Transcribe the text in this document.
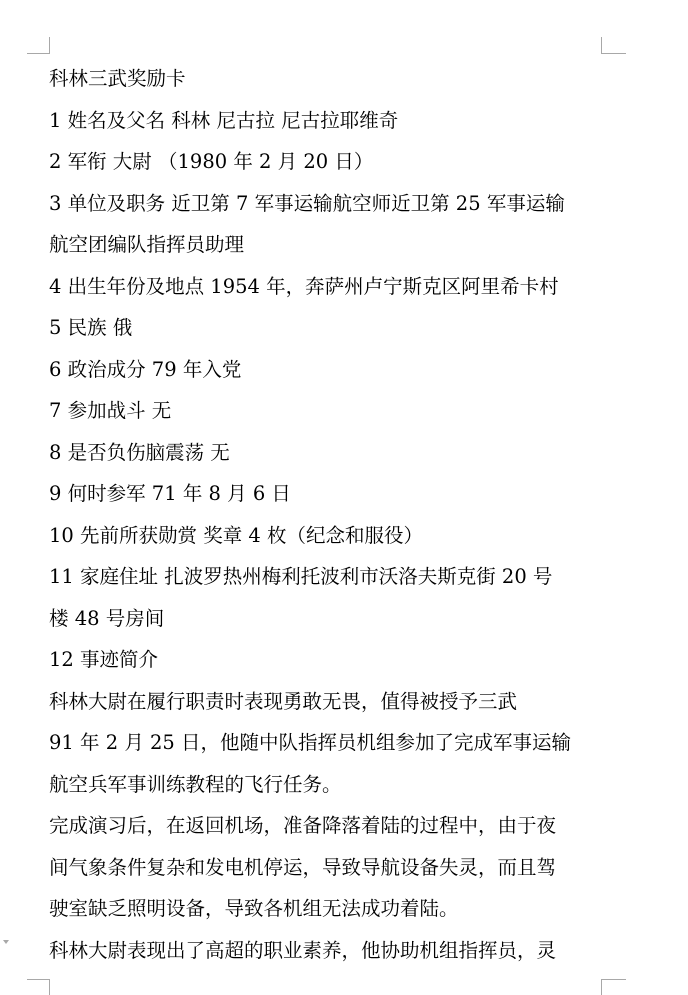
科林三武奖励卡
1 姓名及父名 科林 尼古拉 尼古拉耶维奇
2 军衔 大尉 （1980 年 2 月 20 日）
3 单位及职务 近卫第 7 军事运输航空师近卫第 25 军事运输
航空团编队指挥员助理
4 出生年份及地点 1954 年，奔萨州卢宁斯克区阿里希卡村
5 民族 俄
6 政治成分 79 年入党
7 参加战斗 无
8 是否负伤脑震荡 无
9 何时参军 71 年 8 月 6 日
10 先前所获勋赏 奖章 4 枚（纪念和服役）
11 家庭住址 扎波罗热州梅利托波利市沃洛夫斯克街 20 号
楼 48 号房间
12 事迹简介
科林大尉在履行职责时表现勇敢无畏，值得被授予三武
91 年 2 月 25 日，他随中队指挥员机组参加了完成军事运输
航空兵军事训练教程的飞行任务。
完成演习后，在返回机场，准备降落着陆的过程中，由于夜
间气象条件复杂和发电机停运，导致导航设备失灵，而且驾
驶室缺乏照明设备，导致各机组无法成功着陆。
科林大尉表现出了高超的职业素养，他协助机组指挥员，灵
